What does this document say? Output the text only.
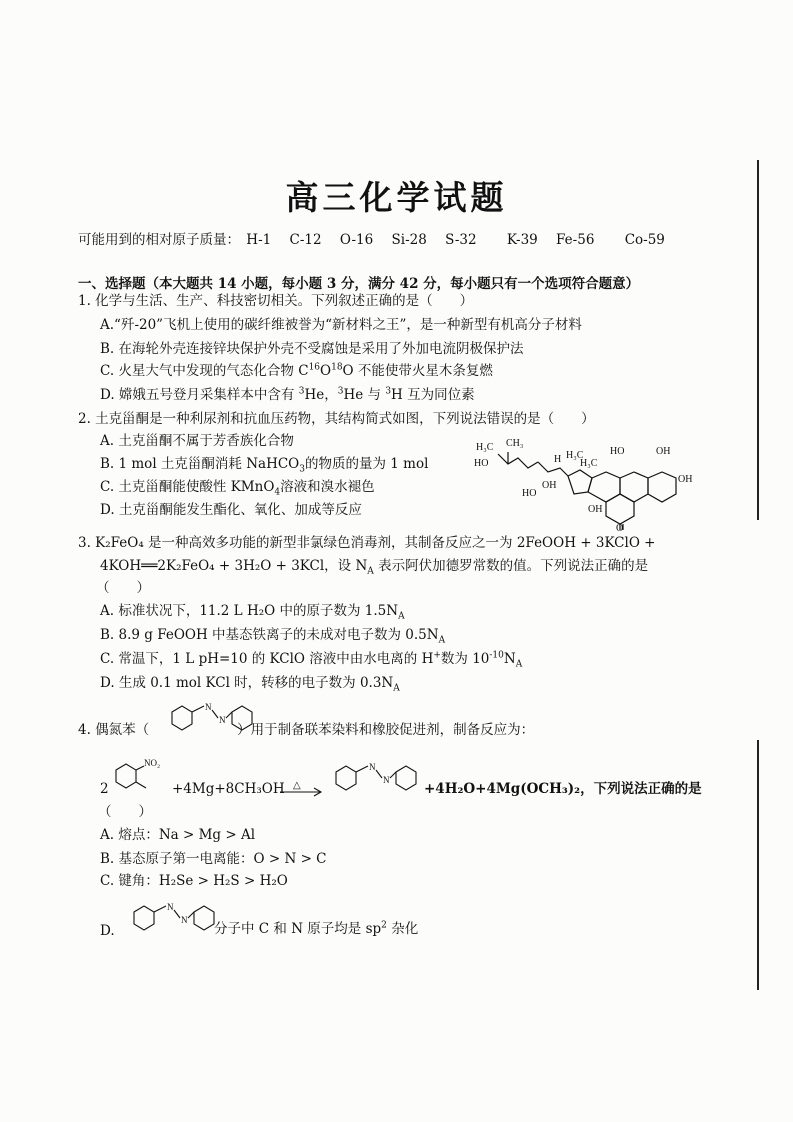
高三化学试题
可能用到的相对原子质量： H-1 C-12 O-16 Si-28 S-32 K-39 Fe-56 Co-59
一、选择题（本大题共 14 小题，每小题 3 分，满分 42 分，每小题只有一个选项符合题意）
1. 化学与生活、生产、科技密切相关。下列叙述正确的是（　　）
A.“歼-20”飞机上使用的碳纤维被誉为“新材料之王”，是一种新型有机高分子材料
B. 在海轮外壳连接锌块保护外壳不受腐蚀是采用了外加电流阴极保护法
C. 火星大气中发现的气态化合物 $C^{16}O^{18}O$ 不能使带火星木条复燃
D. 嫦娥五号登月采集样本中含有 $^3$He，$^3$He 与 $^3$H 互为同位素
2. 土克甾酮是一种利尿剂和抗血压药物，其结构简式如图，下列说法错误的是（　　）
A. 土克甾酮不属于芳香族化合物
B. 1 mol 土克甾酮消耗 NaHCO$_3$的物质的量为 1 mol
C. 土克甾酮能使酸性 KMnO$_4$溶液和溴水褪色
D. 土克甾酮能发生酯化、氧化、加成等反应
H₃C CH₃
HO
H₃C	HO	OH
H₃C
H
OH
HO
OH
OH
O
3. K₂FeO₄ 是一种高效多功能的新型非氯绿色消毒剂，其制备反应之一为 2FeOOH + 3KClO +
4KOH══2K₂FeO₄ + 3H₂O + 3KCl，设 $N_A$ 表示阿伏加德罗常数的值。下列说法正确的是
（　　）
A. 标准状况下，11.2 L H₂O 中的原子数为 $1.5N_A$
B. 8.9 g FeOOH 中基态铁离子的未成对电子数为 $0.5N_A$
C. 常温下，1 L pH=10 的 KClO 溶液中由水电离的 H+数为 $10^{-10}N_A$
D. 生成 0.1 mol KCl 时，转移的电子数为 $0.3N_A$
4. 偶氮苯（	）用于制备联苯染料和橡胶促进剂，制备反应为：
N
N
2
NO₂
+4Mg+8CH₃OH △
N
N
+4H₂O+4Mg(OCH₃)₂，下列说法正确的是
（　　）
A. 熔点：Na > Mg > Al
B. 基态原子第一电离能：O > N > C
C. 键角：H₂Se > H₂S > H₂O
D.
N
N
分子中 C 和 N 原子均是 $sp^2$ 杂化
